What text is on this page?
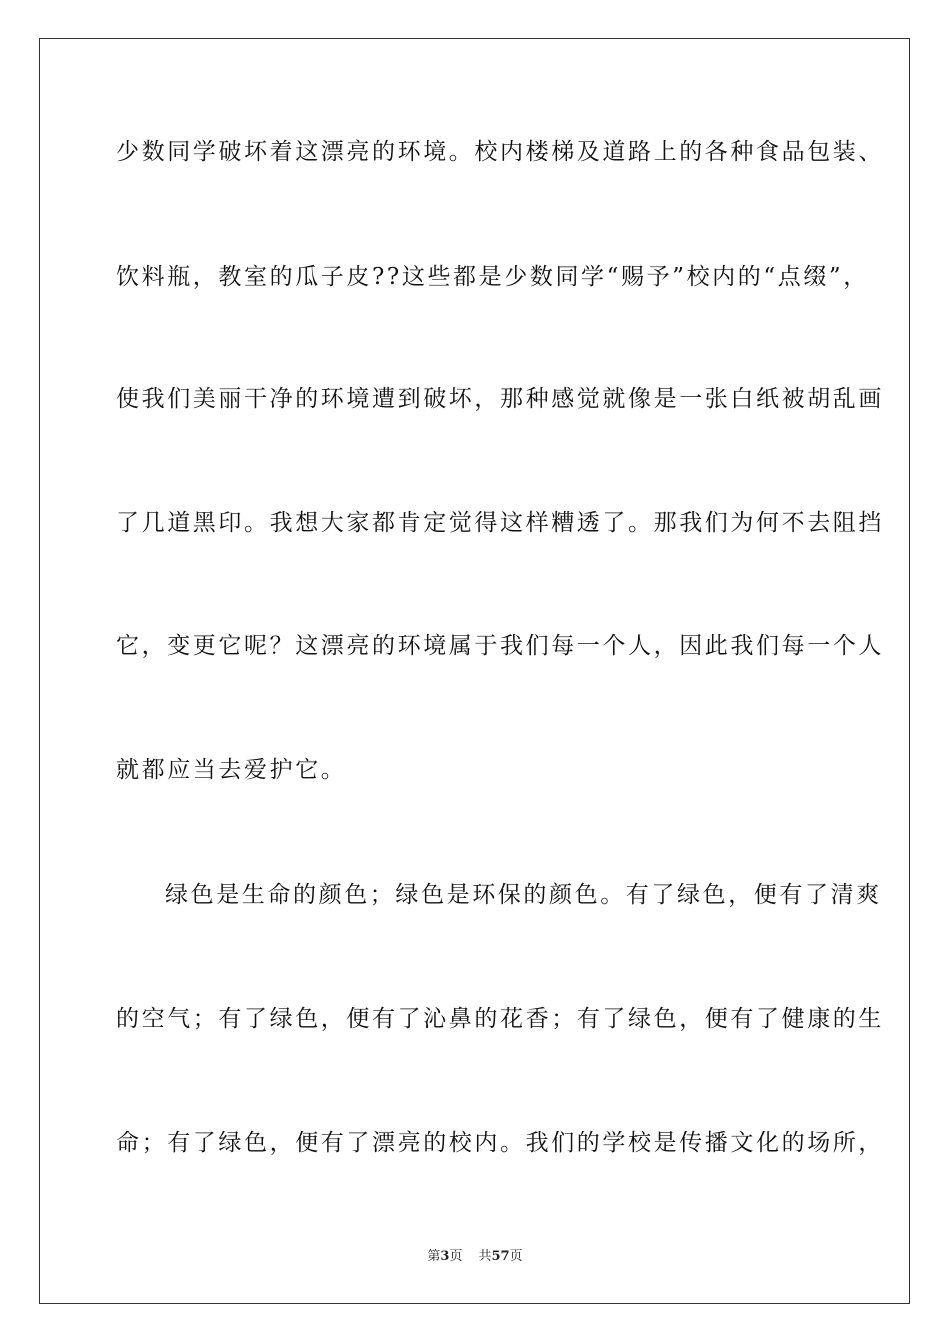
少数同学破坏着这漂亮的环境。校内楼梯及道路上的各种食品包装、
饮料瓶，教室的瓜子皮??这些都是少数同学“赐予”校内的“点缀”，
使我们美丽干净的环境遭到破坏，那种感觉就像是一张白纸被胡乱画
了几道黑印。我想大家都肯定觉得这样糟透了。那我们为何不去阻挡
它，变更它呢？这漂亮的环境属于我们每一个人，因此我们每一个人
就都应当去爱护它。
绿色是生命的颜色；绿色是环保的颜色。有了绿色，便有了清爽
的空气；有了绿色，便有了沁鼻的花香；有了绿色，便有了健康的生
命；有了绿色，便有了漂亮的校内。我们的学校是传播文化的场所，
第3页 共57页
